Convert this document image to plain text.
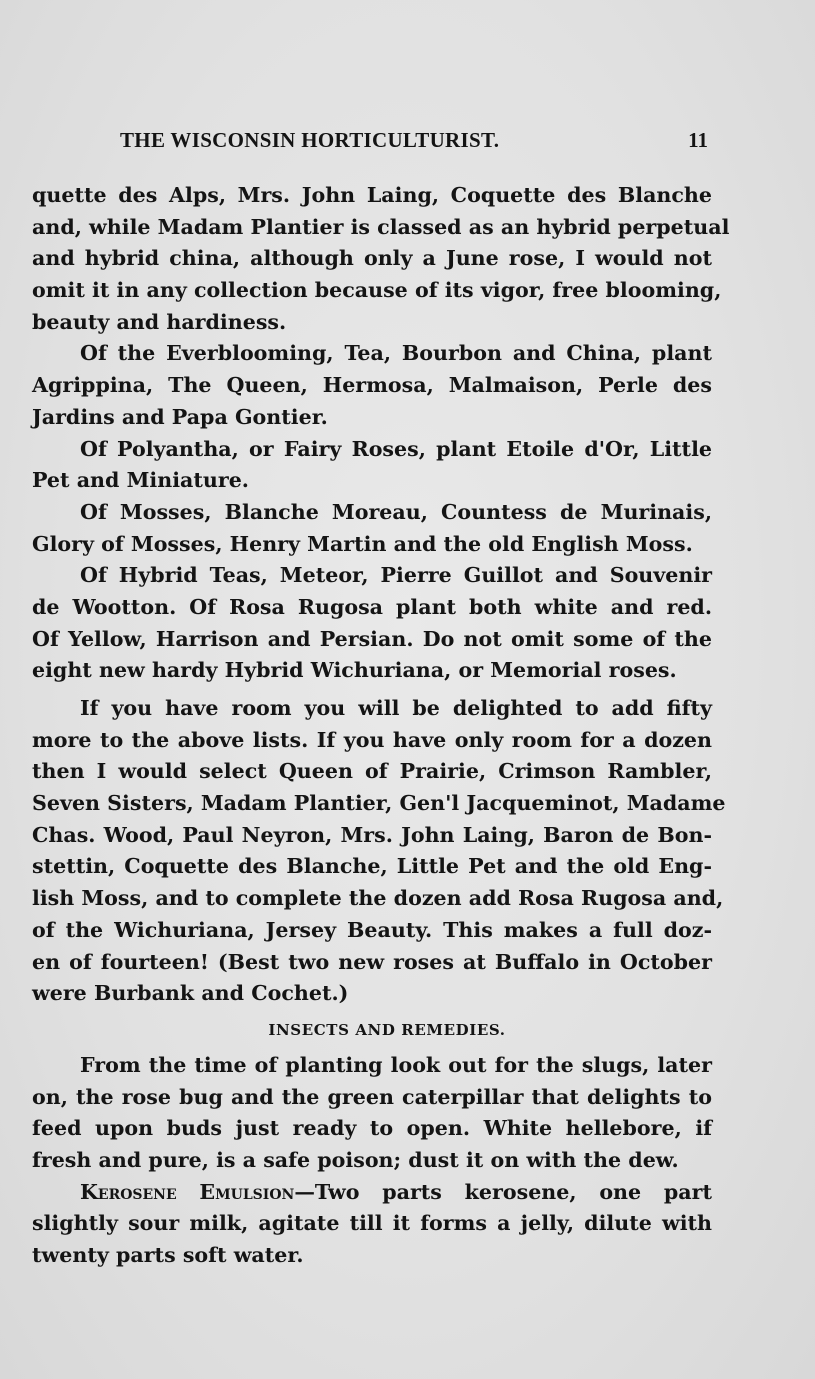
THE WISCONSIN HORTICULTURIST.	11
quette des Alps, Mrs. John Laing, Coquette des Blanche
and, while Madam Plantier is classed as an hybrid perpetual
and hybrid china, although only a June rose, I would not
omit it in any collection because of its vigor, free blooming,
beauty and hardiness.
Of the Everblooming, Tea, Bourbon and China, plant
Agrippina, The Queen, Hermosa, Malmaison, Perle des
Jardins and Papa Gontier.
Of Polyantha, or Fairy Roses, plant Etoile d'Or, Little
Pet and Miniature.
Of Mosses, Blanche Moreau, Countess de Murinais,
Glory of Mosses, Henry Martin and the old English Moss.
Of Hybrid Teas, Meteor, Pierre Guillot and Souvenir
de Wootton. Of Rosa Rugosa plant both white and red.
Of Yellow, Harrison and Persian. Do not omit some of the
eight new hardy Hybrid Wichuriana, or Memorial roses.
If you have room you will be delighted to add fifty
more to the above lists. If you have only room for a dozen
then I would select Queen of Prairie, Crimson Rambler,
Seven Sisters, Madam Plantier, Gen'l Jacqueminot, Madame
Chas. Wood, Paul Neyron, Mrs. John Laing, Baron de Bon-
stettin, Coquette des Blanche, Little Pet and the old Eng-
lish Moss, and to complete the dozen add Rosa Rugosa and,
of the Wichuriana, Jersey Beauty. This makes a full doz-
en of fourteen! (Best two new roses at Buffalo in October
were Burbank and Cochet.)
INSECTS AND REMEDIES.
From the time of planting look out for the slugs, later
on, the rose bug and the green caterpillar that delights to
feed upon buds just ready to open. White hellebore, if
fresh and pure, is a safe poison; dust it on with the dew.
Kerosene Emulsion—Two parts kerosene, one part
slightly sour milk, agitate till it forms a jelly, dilute with
twenty parts soft water.
